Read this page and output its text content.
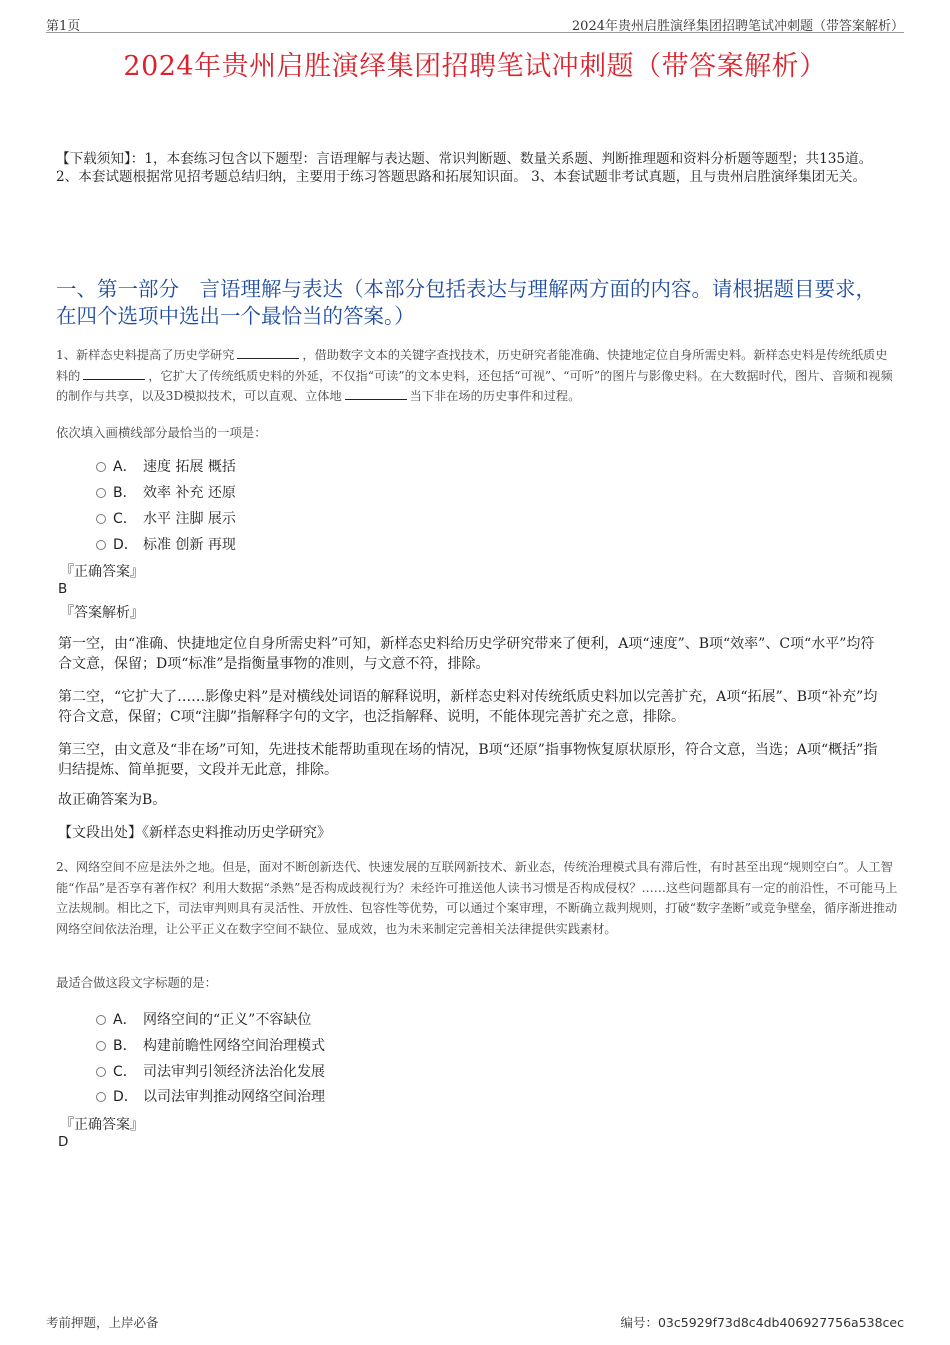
第1页	2024年贵州启胜演绎集团招聘笔试冲刺题（带答案解析）
2024年贵州启胜演绎集团招聘笔试冲刺题（带答案解析）
【下载须知】：1，本套练习包含以下题型：言语理解与表达题、常识判断题、数量关系题、判断推理题和资料分析题等题型；共135道。 2、本套试题根据常见招考题总结归纳，主要用于练习答题思路和拓展知识面。 3、本套试题非考试真题，且与贵州启胜演绎集团无关。
一、第一部分　言语理解与表达（本部分包括表达与理解两方面的内容。请根据题目要求，在四个选项中选出一个最恰当的答案。）
1、新样态史料提高了历史学研究	，借助数字文本的关键字查找技术，历史研究者能准确、快捷地定位自身所需史料。新样态史料是传统纸质史料的	，它扩大了传统纸质史料的外延，不仅指“可读”的文本史料，还包括“可视”、“可听”的图片与影像史料。在大数据时代，图片、音频和视频的制作与共享，以及3D模拟技术，可以直观、立体地	当下非在场的历史事件和过程。
依次填入画横线部分最恰当的一项是：
A． 速度 拓展 概括
B． 效率 补充 还原
C． 水平 注脚 展示
D． 标准 创新 再现
『正确答案』
B
『答案解析』
第一空，由“准确、快捷地定位自身所需史料”可知，新样态史料给历史学研究带来了便利，A项“速度”、B项“效率”、C项“水平”均符合文意，保留；D项“标准”是指衡量事物的准则，与文意不符，排除。
第二空，“它扩大了……影像史料”是对横线处词语的解释说明，新样态史料对传统纸质史料加以完善扩充，A项“拓展”、B项“补充”均符合文意，保留；C项“注脚”指解释字句的文字，也泛指解释、说明，不能体现完善扩充之意，排除。
第三空，由文意及“非在场”可知，先进技术能帮助重现在场的情况，B项“还原”指事物恢复原状原形，符合文意，当选；A项“概括”指归结提炼、简单扼要，文段并无此意，排除。
故正确答案为B。
【文段出处】《新样态史料推动历史学研究》
2、网络空间不应是法外之地。但是，面对不断创新迭代、快速发展的互联网新技术、新业态，传统治理模式具有滞后性，有时甚至出现“规则空白”。人工智能“作品”是否享有著作权？利用大数据“杀熟”是否构成歧视行为？未经许可推送他人读书习惯是否构成侵权？……这些问题都具有一定的前沿性，不可能马上立法规制。相比之下，司法审判则具有灵活性、开放性、包容性等优势，可以通过个案审理，不断确立裁判规则，打破“数字垄断”或竞争壁垒，循序渐进推动网络空间依法治理，让公平正义在数字空间不缺位、显成效，也为未来制定完善相关法律提供实践素材。
最适合做这段文字标题的是：
A． 网络空间的“正义”不容缺位
B． 构建前瞻性网络空间治理模式
C． 司法审判引领经济法治化发展
D． 以司法审判推动网络空间治理
『正确答案』
D
考前押题，上岸必备	编号：03c5929f73d8c4db406927756a538cec
